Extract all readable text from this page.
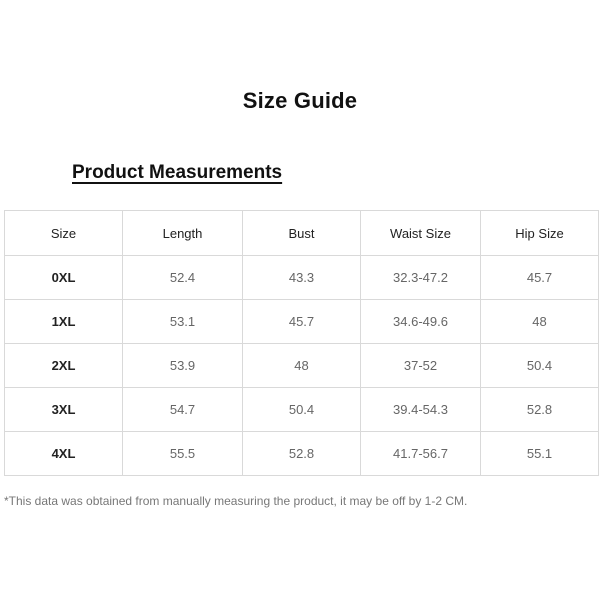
Size Guide
Product Measurements
Size	Length	Bust	Waist Size	Hip Size
0XL	52.4	43.3	32.3-47.2	45.7
1XL	53.1	45.7	34.6-49.6	48
2XL	53.9	48	37-52	50.4
3XL	54.7	50.4	39.4-54.3	52.8
4XL	55.5	52.8	41.7-56.7	55.1
*This data was obtained from manually measuring the product, it may be off by 1-2 CM.
